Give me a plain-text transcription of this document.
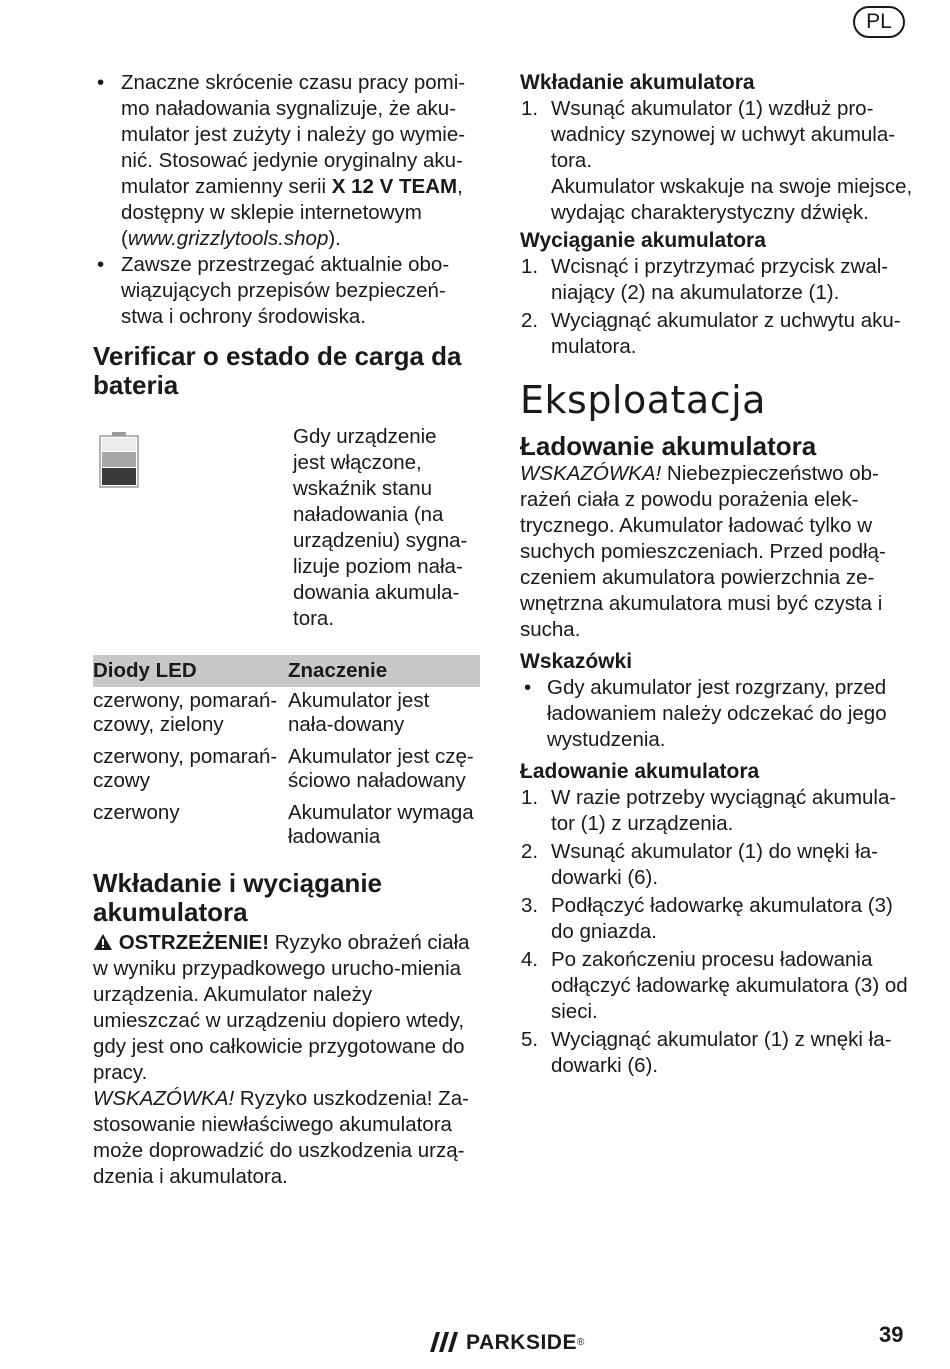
PL
• Znaczne skrócenie czasu pracy pomi-mo naładowania sygnalizuje, że aku-mulator jest zużyty i należy go wymie-nić. Stosować jedynie oryginalny aku-mulator zamienny serii X 12 V TEAM, dostępny w sklepie internetowym (www.grizzlytools.shop).
• Zawsze przestrzegać aktualnie obo-wiązujących przepisów bezpieczeń-stwa i ochrony środowiska.
Verificar o estado de carga da bateria

Gdy urządzenie jest włączone, wskaźnik stanu naładowania (na urządzeniu) sygna-lizuje poziom nała-dowania akumula-tora.

Diody LED	Znaczenie
czerwony, pomarań-czowy, zielony	Akumulator jest nała-dowany
czerwony, pomarań-czowy	Akumulator jest czę-ściowo naładowany
czerwony	Akumulator wymaga ładowania
Wkładanie i wyciąganie akumulatora

OSTRZEŻENIE! Ryzyko obrażeń ciała w wyniku przypadkowego urucho-mienia urządzenia. Akumulator należy umieszczać w urządzeniu dopiero wtedy, gdy jest ono całkowicie przygotowane do pracy.

WSKAZÓWKA! Ryzyko uszkodzenia! Za-stosowanie niewłaściwego akumulatora może doprowadzić do uszkodzenia urzą-dzenia i akumulatora.

Wkładanie akumulatora
1. Wsunąć akumulator (1) wzdłuż pro-wadnicy szynowej w uchwyt akumula-tora.
Akumulator wskakuje na swoje miejsce, wydając charakterystyczny dźwięk.
Wyciąganie akumulatora
1. Wcisnąć i przytrzymać przycisk zwal-niający (2) na akumulatorze (1).
2. Wyciągnąć akumulator z uchwytu aku-mulatora.
Eksploatacja
Ładowanie akumulatora

WSKAZÓWKA! Niebezpieczeństwo ob-rażeń ciała z powodu porażenia elek-trycznego. Akumulator ładować tylko w suchych pomieszczeniach. Przed podłą-czeniem akumulatora powierzchnia ze-wnętrzna akumulatora musi być czysta i sucha.

Wskazówki
• Gdy akumulator jest rozgrzany, przed ładowaniem należy odczekać do jego wystudzenia.
Ładowanie akumulatora
1. W razie potrzeby wyciągnąć akumula-tor (1) z urządzenia.
2. Wsunąć akumulator (1) do wnęki ła-dowarki (6).
3. Podłączyć ładowarkę akumulatora (3) do gniazda.
4. Po zakończeniu procesu ładowania odłączyć ładowarkę akumulatora (3) od sieci.
5. Wyciągnąć akumulator (1) z wnęki ła-dowarki (6).
PARKSIDE ®	39
